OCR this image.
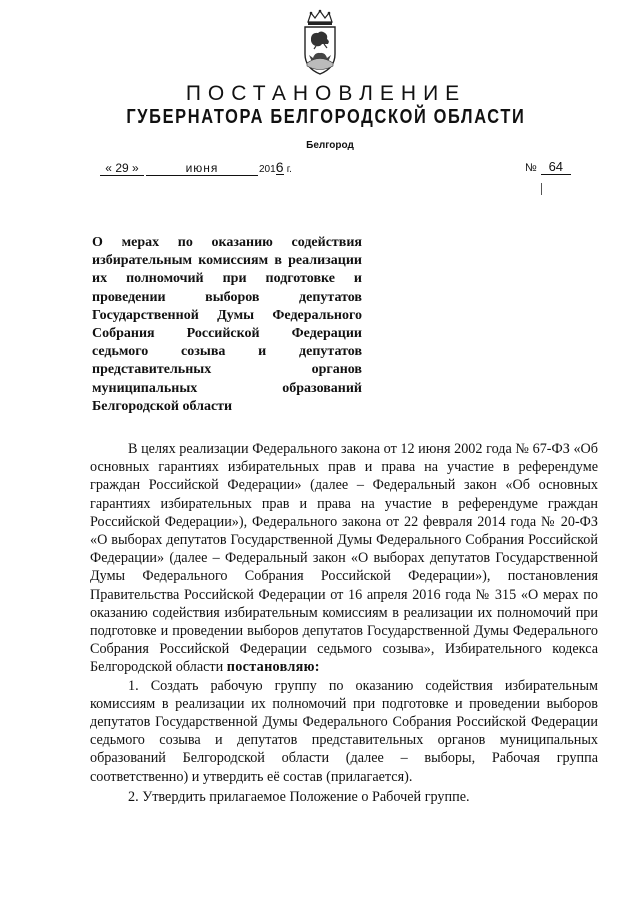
ПОСТАНОВЛЕНИЕ
ГУБЕРНАТОРА БЕЛГОРОДСКОЙ ОБЛАСТИ
Белгород
« 29 »	июня	2016 г.	№ 64

О мерах по оказанию содействия избирательным комиссиям в реализации их полномочий при подготовке и проведении выборов депутатов Государственной Думы Федерального Собрания Российской Федерации седьмого созыва и депутатов представительных органов муниципальных образований Белгородской области

В целях реализации Федерального закона от 12 июня 2002 года № 67-ФЗ «Об основных гарантиях избирательных прав и права на участие в референдуме граждан Российской Федерации» (далее – Федеральный закон «Об основных гарантиях избирательных прав и права на участие в референдуме граждан Российской Федерации»), Федерального закона от 22 февраля 2014 года № 20-ФЗ «О выборах депутатов Государственной Думы Федерального Собрания Российской Федерации» (далее – Федеральный закон «О выборах депутатов Государственной Думы Федерального Собрания Российской Федерации»), постановления Правительства Российской Федерации от 16 апреля 2016 года № 315 «О мерах по оказанию содействия избирательным комиссиям в реализации их полномочий при подготовке и проведении выборов депутатов Государственной Думы Федерального Собрания Российской Федерации седьмого созыва», Избирательного кодекса Белгородской области постановляю:

1. Создать рабочую группу по оказанию содействия избирательным комиссиям в реализации их полномочий при подготовке и проведении выборов депутатов Государственной Думы Федерального Собрания Российской Федерации седьмого созыва и депутатов представительных органов муниципальных образований Белгородской области (далее – выборы, Рабочая группа соответственно) и утвердить её состав (прилагается).

2. Утвердить прилагаемое Положение о Рабочей группе.
